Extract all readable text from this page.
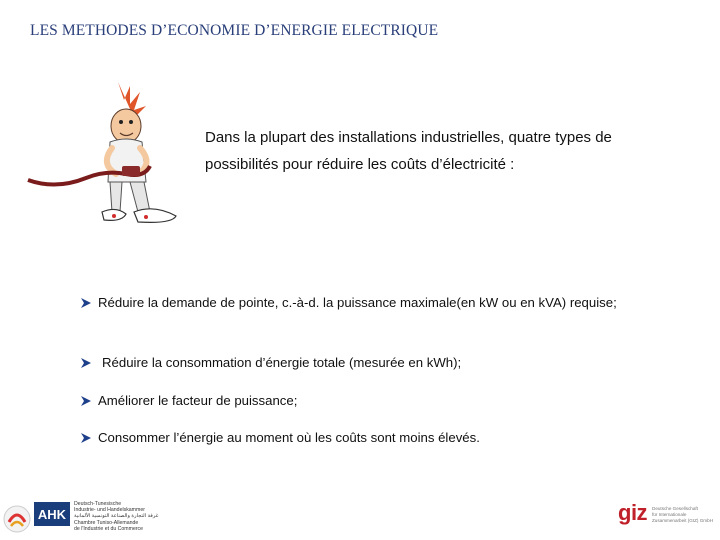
LES METHODES D’ECONOMIE D’ENERGIE ELECTRIQUE
Dans la plupart des installations industrielles, quatre types de
possibilités pour réduire les coûts d’électricité :
Réduire la demande de pointe, c.-à-d. la puissance maximale(en kW ou en kVA) requise;
Réduire la consommation d’énergie totale (mesurée en kWh);
Améliorer le facteur de puissance;
Consommer l’énergie au moment où les coûts sont moins élevés.
AHK
Deutsch-Tunesische
Industrie- und Handelskammer
غرفة التجارة والصناعة التونسية الألمانية
Chambre Tuniso-Allemande
de l'Industrie et du Commerce
giz Deutsche Gesellschaft
für Internationale
Zusammenarbeit (GIZ) GmbH
